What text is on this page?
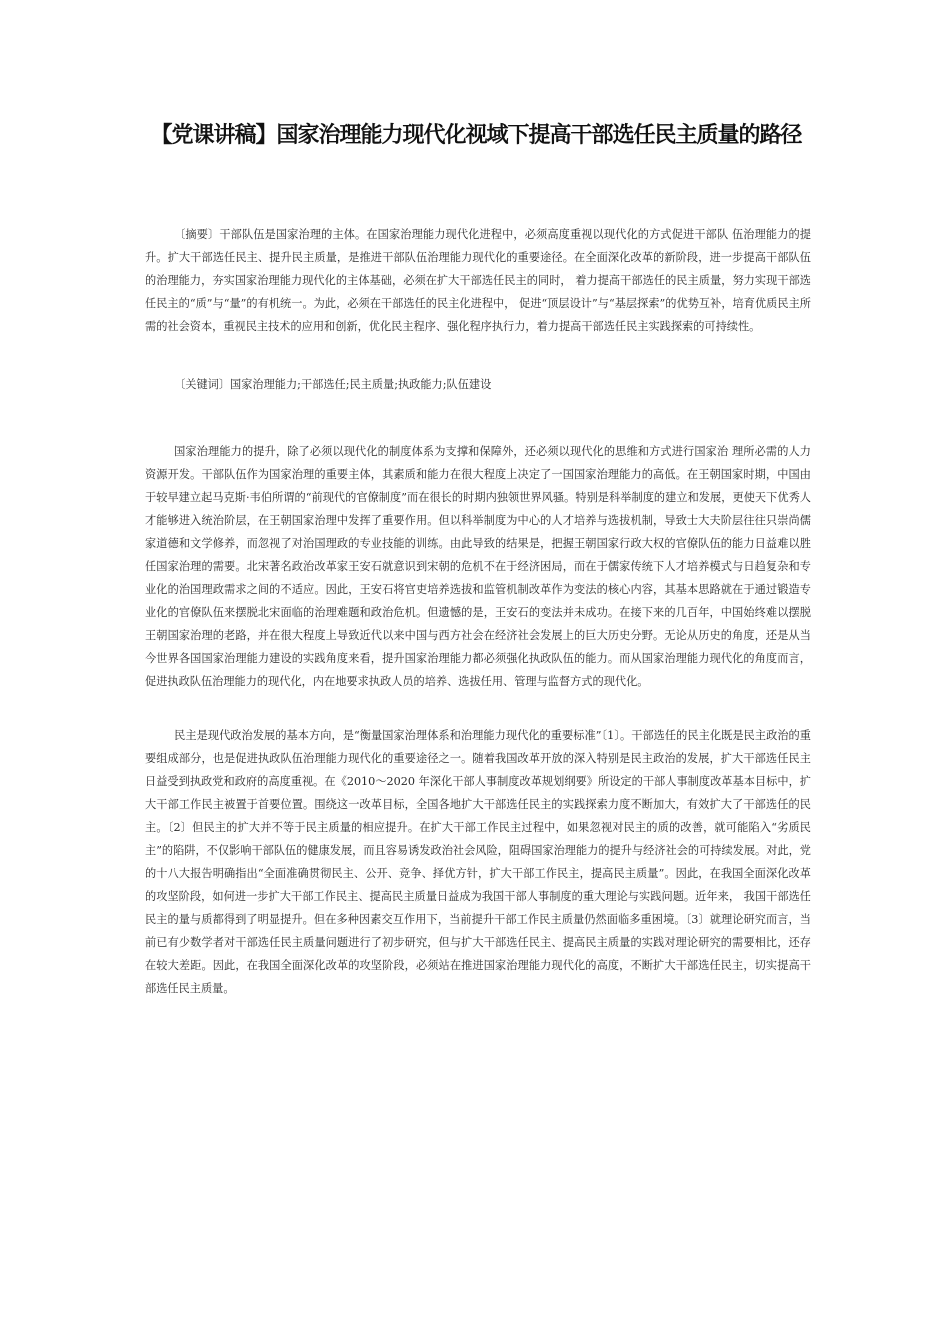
【党课讲稿】国家治理能力现代化视域下提高干部选任民主质量的路径

〔摘要〕干部队伍是国家治理的主体。在国家治理能力现代化进程中，必须高度重视以现代化的方式促进干部队 伍治理能力的提升。扩大干部选任民主、提升民主质量，是推进干部队伍治理能力现代化的重要途径。在全面深化改革的新阶段，进一步提高干部队伍的治理能力，夯实国家治理能力现代化的主体基础，必须在扩大干部选任民主的同时， 着力提高干部选任的民主质量，努力实现干部选任民主的“质”与“量”的有机统一。为此，必须在干部选任的民主化进程中， 促进“顶层设计”与“基层探索”的优势互补，培育优质民主所需的社会资本，重视民主技术的应用和创新，优化民主程序、强化程序执行力，着力提高干部选任民主实践探索的可持续性。

〔关键词〕国家治理能力;干部选任;民主质量;执政能力;队伍建设

国家治理能力的提升，除了必须以现代化的制度体系为支撑和保障外，还必须以现代化的思维和方式进行国家治 理所必需的人力资源开发。干部队伍作为国家治理的重要主体，其素质和能力在很大程度上决定了一国国家治理能力的高低。在王朝国家时期，中国由于较早建立起马克斯·韦伯所谓的“前现代的官僚制度”而在很长的时期内独领世界风骚。特别是科举制度的建立和发展，更使天下优秀人才能够进入统治阶层，在王朝国家治理中发挥了重要作用。但以科举制度为中心的人才培养与选拔机制，导致士大夫阶层往往只崇尚儒家道德和文学修养，而忽视了对治国理政的专业技能的训练。由此导致的结果是，把握王朝国家行政大权的官僚队伍的能力日益难以胜任国家治理的需要。北宋著名政治改革家王安石就意识到宋朝的危机不在于经济困局，而在于儒家传统下人才培养模式与日趋复杂和专业化的治国理政需求之间的不适应。因此，王安石将官吏培养选拔和监管机制改革作为变法的核心内容，其基本思路就在于通过锻造专业化的官僚队伍来摆脱北宋面临的治理难题和政治危机。但遗憾的是，王安石的变法并未成功。在接下来的几百年，中国始终难以摆脱王朝国家治理的老路，并在很大程度上导致近代以来中国与西方社会在经济社会发展上的巨大历史分野。无论从历史的角度，还是从当今世界各国国家治理能力建设的实践角度来看，提升国家治理能力都必须强化执政队伍的能力。而从国家治理能力现代化的角度而言，促进执政队伍治理能力的现代化，内在地要求执政人员的培养、选拔任用、管理与监督方式的现代化。

民主是现代政治发展的基本方向，是“衡量国家治理体系和治理能力现代化的重要标准”〔1〕。干部选任的民主化既是民主政治的重要组成部分，也是促进执政队伍治理能力现代化的重要途径之一。随着我国改革开放的深入特别是民主政治的发展，扩大干部选任民主日益受到执政党和政府的高度重视。在《2010～2020 年深化干部人事制度改革规划纲要》所设定的干部人事制度改革基本目标中，扩大干部工作民主被置于首要位置。围绕这一改革目标，全国各地扩大干部选任民主的实践探索力度不断加大，有效扩大了干部选任的民主。〔2〕但民主的扩大并不等于民主质量的相应提升。在扩大干部工作民主过程中，如果忽视对民主的质的改善，就可能陷入“劣质民主”的陷阱，不仅影响干部队伍的健康发展，而且容易诱发政治社会风险，阻碍国家治理能力的提升与经济社会的可持续发展。对此，党的十八大报告明确指出“全面准确贯彻民主、公开、竞争、择优方针，扩大干部工作民主，提高民主质量”。因此，在我国全面深化改革的攻坚阶段，如何进一步扩大干部工作民主、提高民主质量日益成为我国干部人事制度的重大理论与实践问题。近年来， 我国干部选任民主的量与质都得到了明显提升。但在多种因素交互作用下，当前提升干部工作民主质量仍然面临多重困境。〔3〕就理论研究而言，当前已有少数学者对干部选任民主质量问题进行了初步研究，但与扩大干部选任民主、提高民主质量的实践对理论研究的需要相比，还存在较大差距。因此，在我国全面深化改革的攻坚阶段，必须站在推进国家治理能力现代化的高度，不断扩大干部选任民主，切实提高干部选任民主质量。
